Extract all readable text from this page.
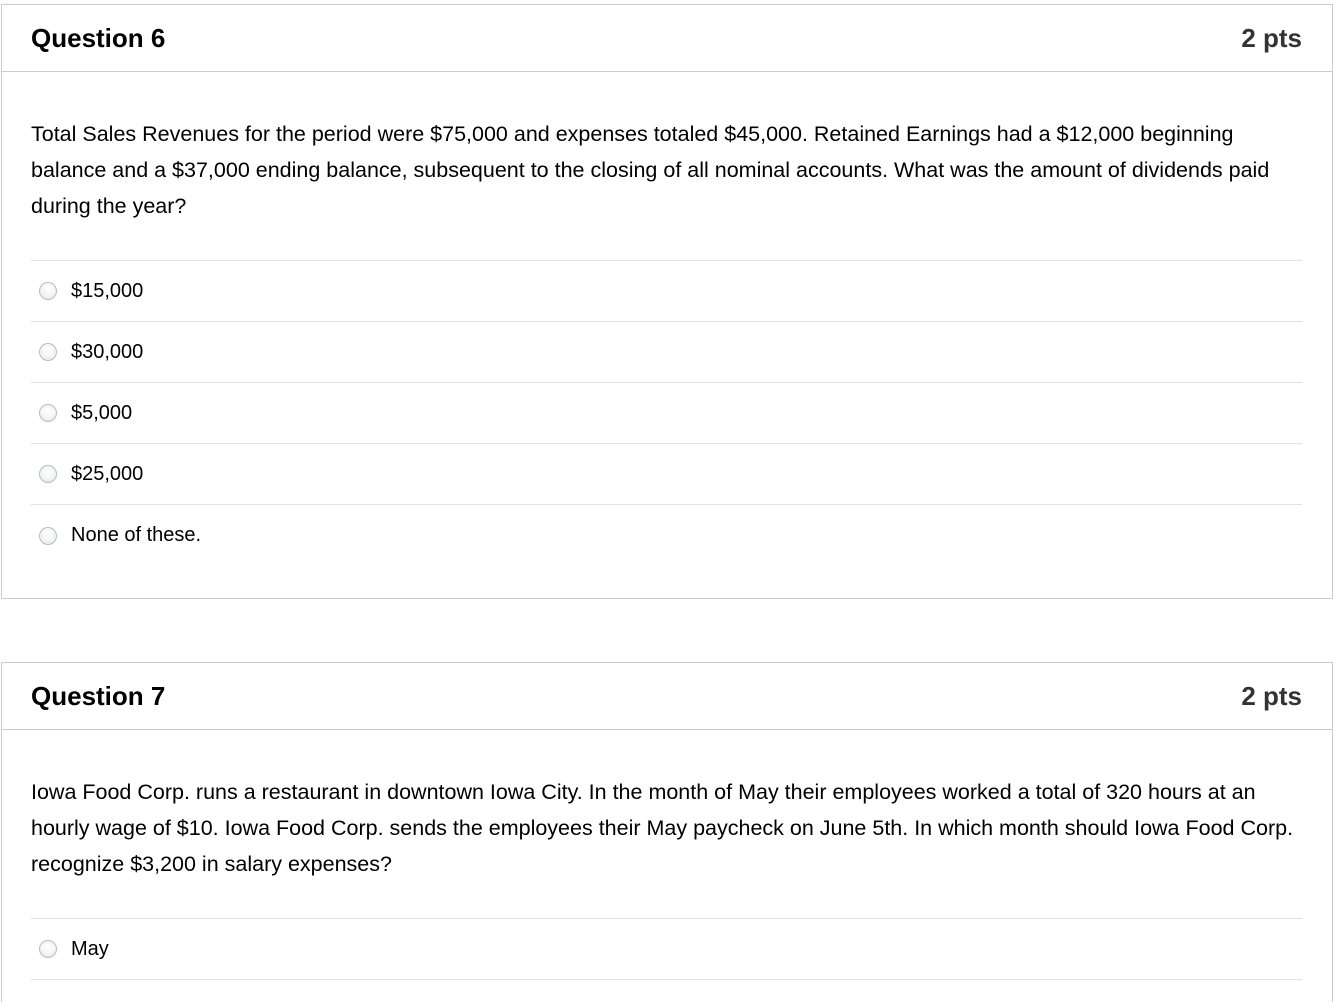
Question 6	2 pts

Total Sales Revenues for the period were $75,000 and expenses totaled $45,000. Retained Earnings had a $12,000 beginning balance and a $37,000 ending balance, subsequent to the closing of all nominal accounts. What was the amount of dividends paid during the year?

$15,000
$30,000
$5,000
$25,000
None of these.
Question 7	2 pts

Iowa Food Corp. runs a restaurant in downtown Iowa City. In the month of May their employees worked a total of 320 hours at an hourly wage of $10. Iowa Food Corp. sends the employees their May paycheck on June 5th. In which month should Iowa Food Corp. recognize $3,200 in salary expenses?

May
